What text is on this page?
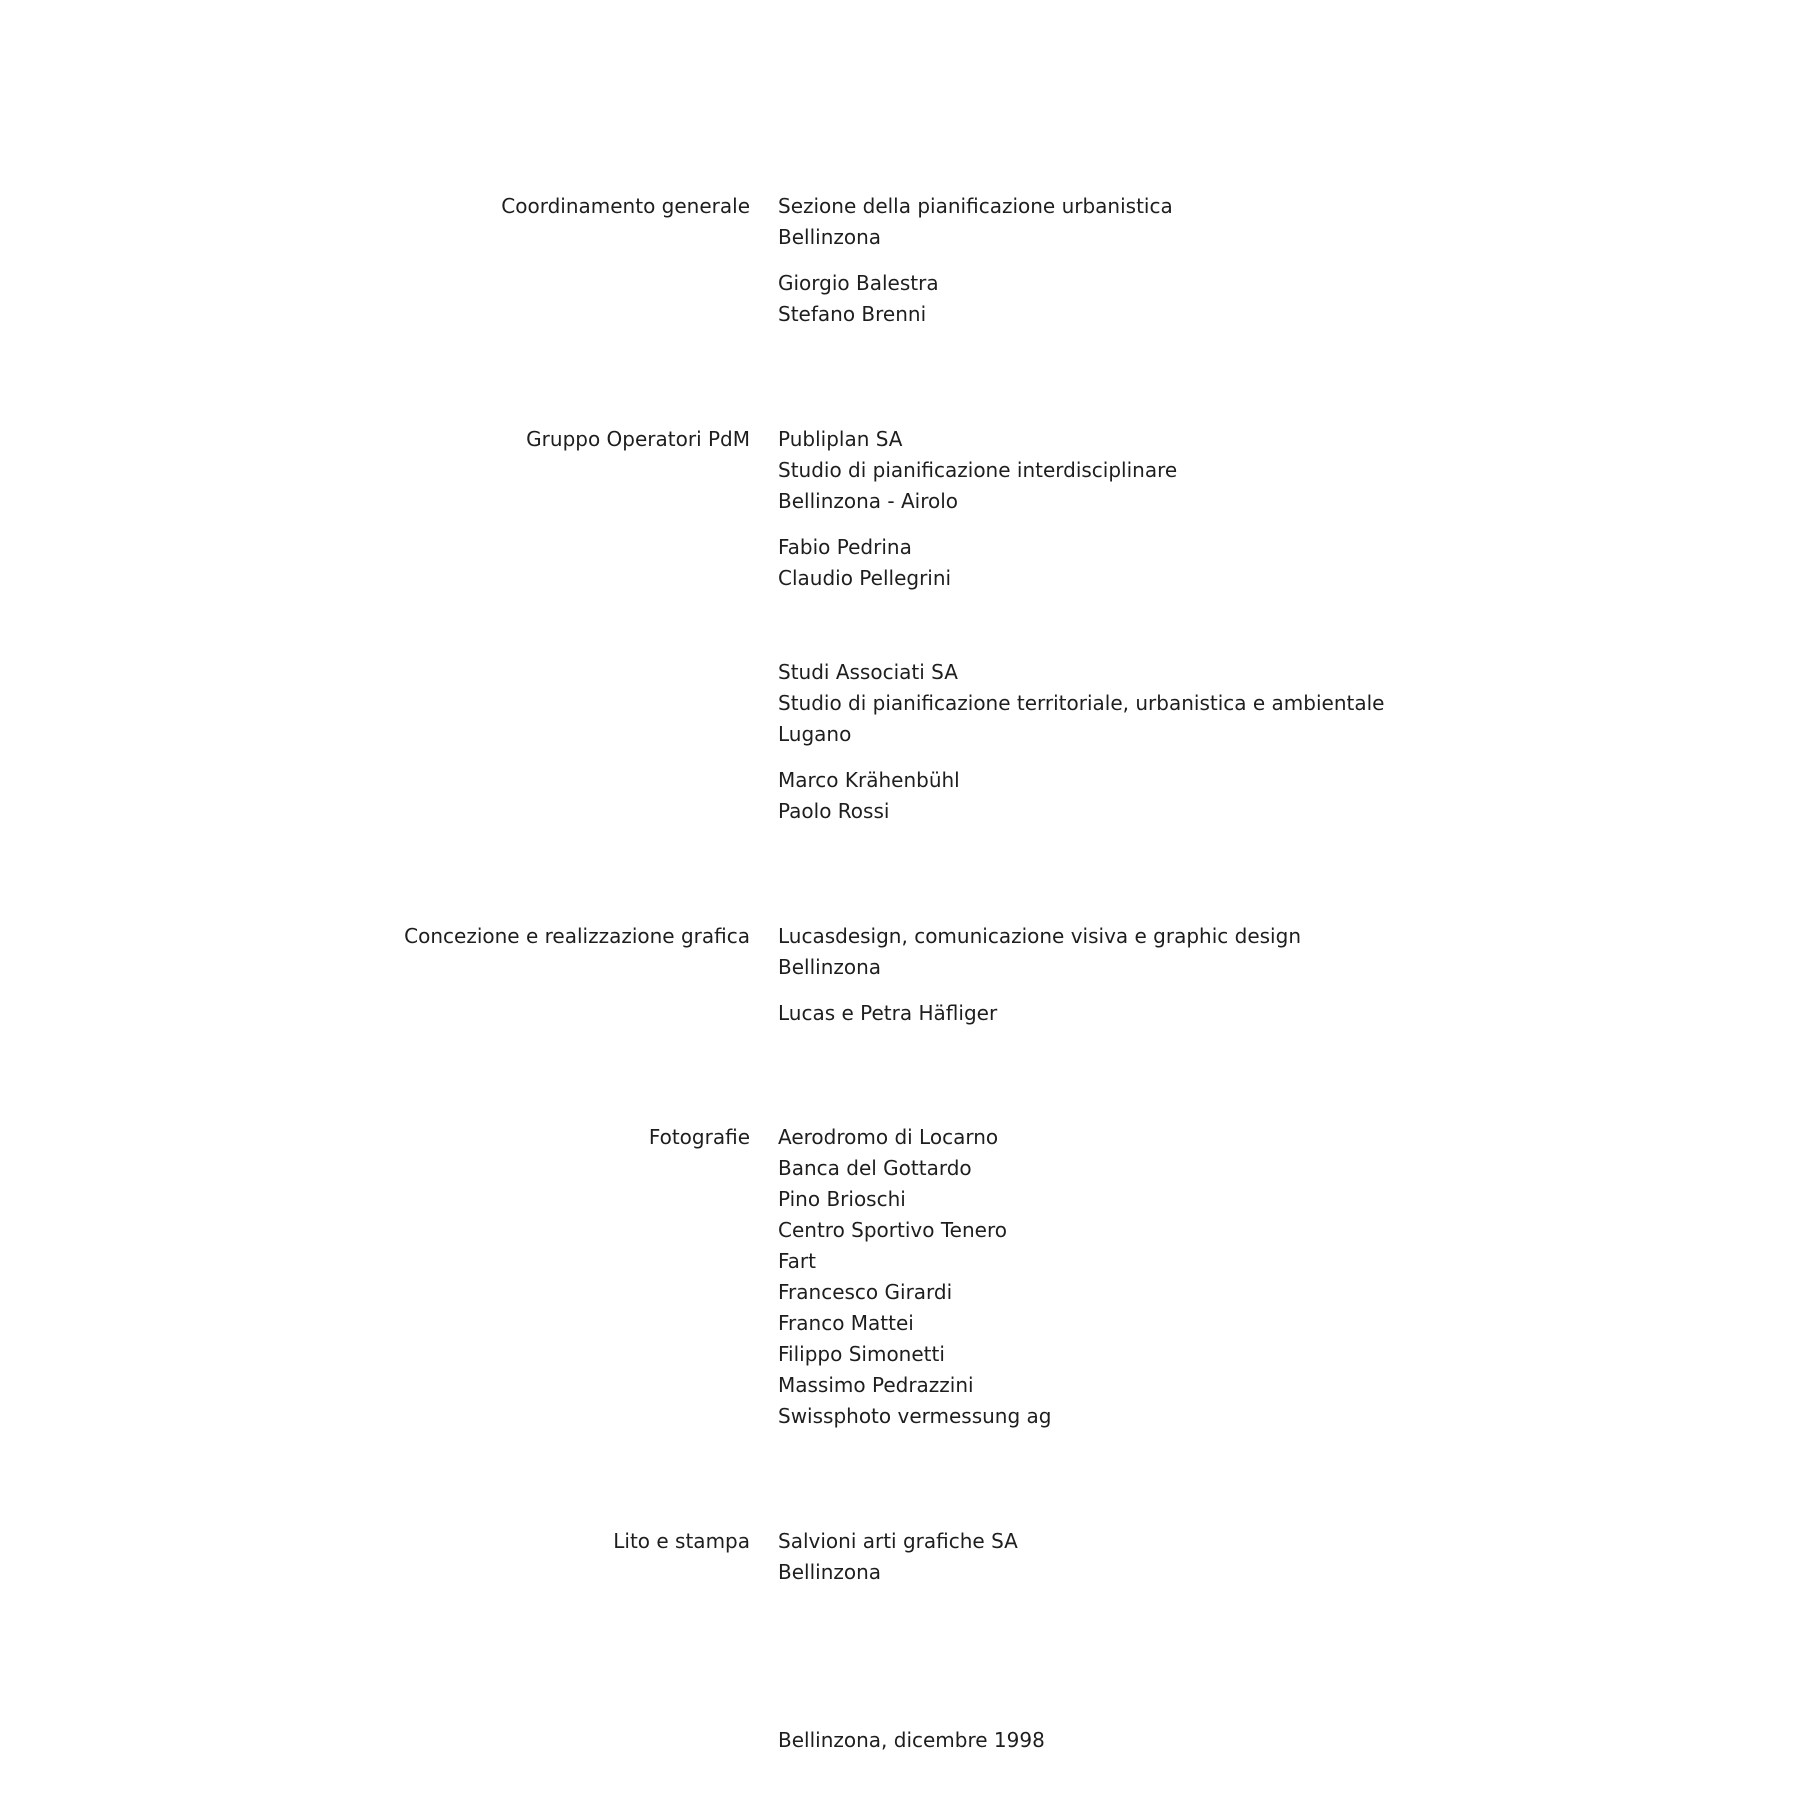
Coordinamento generale Sezione della pianificazione urbanistica
Bellinzona
Giorgio Balestra
Stefano Brenni
Gruppo Operatori PdM Publiplan SA
Studio di pianificazione interdisciplinare
Bellinzona - Airolo
Fabio Pedrina
Claudio Pellegrini
Studi Associati SA
Studio di pianificazione territoriale, urbanistica e ambientale
Lugano
Marco Krähenbühl
Paolo Rossi
Concezione e realizzazione grafica Lucasdesign, comunicazione visiva e graphic design
Bellinzona
Lucas e Petra Häfliger
Fotografie Aerodromo di Locarno
Banca del Gottardo
Pino Brioschi
Centro Sportivo Tenero
Fart
Francesco Girardi
Franco Mattei
Filippo Simonetti
Massimo Pedrazzini
Swissphoto vermessung ag
Lito e stampa Salvioni arti grafiche SA
Bellinzona
Bellinzona, dicembre 1998
